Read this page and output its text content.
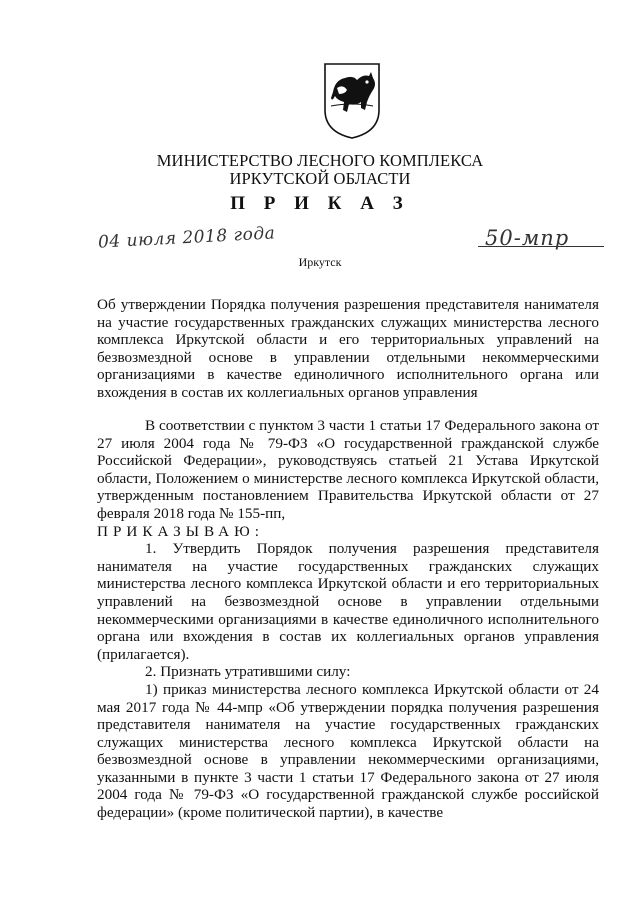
МИНИСТЕРСТВО ЛЕСНОГО КОМПЛЕКСА
ИРКУТСКОЙ ОБЛАСТИ
П Р И К А З
04 июля 2018 года	50-мпр
Иркутск
Об утверждении Порядка получения разрешения представителя нанимателя на участие государственных гражданских служащих министерства лесного комплекса Иркутской области и его территориальных управлений на безвозмездной основе в управлении отдельными некоммерческими организациями в качестве единоличного исполнительного органа или вхождения в состав их коллегиальных органов управления

В соответствии с пунктом 3 части 1 статьи 17 Федерального закона от 27 июля 2004 года № 79-ФЗ «О государственной гражданской службе Российской Федерации», руководствуясь статьей 21 Устава Иркутской области, Положением о министерстве лесного комплекса Иркутской области, утвержденным постановлением Правительства Иркутской области от 27 февраля 2018 года № 155-пп,

ПРИКАЗЫВАЮ:

1. Утвердить Порядок получения разрешения представителя нанимателя на участие государственных гражданских служащих министерства лесного комплекса Иркутской области и его территориальных управлений на безвозмездной основе в управлении отдельными некоммерческими организациями в качестве единоличного исполнительного органа или вхождения в состав их коллегиальных органов управления (прилагается).

2. Признать утратившими силу:

1) приказ министерства лесного комплекса Иркутской области от 24 мая 2017 года № 44-мпр «Об утверждении порядка получения разрешения представителя нанимателя на участие государственных гражданских служащих министерства лесного комплекса Иркутской области на безвозмездной основе в управлении некоммерческими организациями, указанными в пункте 3 части 1 статьи 17 Федерального закона от 27 июля 2004 года № 79-ФЗ «О государственной гражданской службе российской федерации» (кроме политической партии), в качестве
